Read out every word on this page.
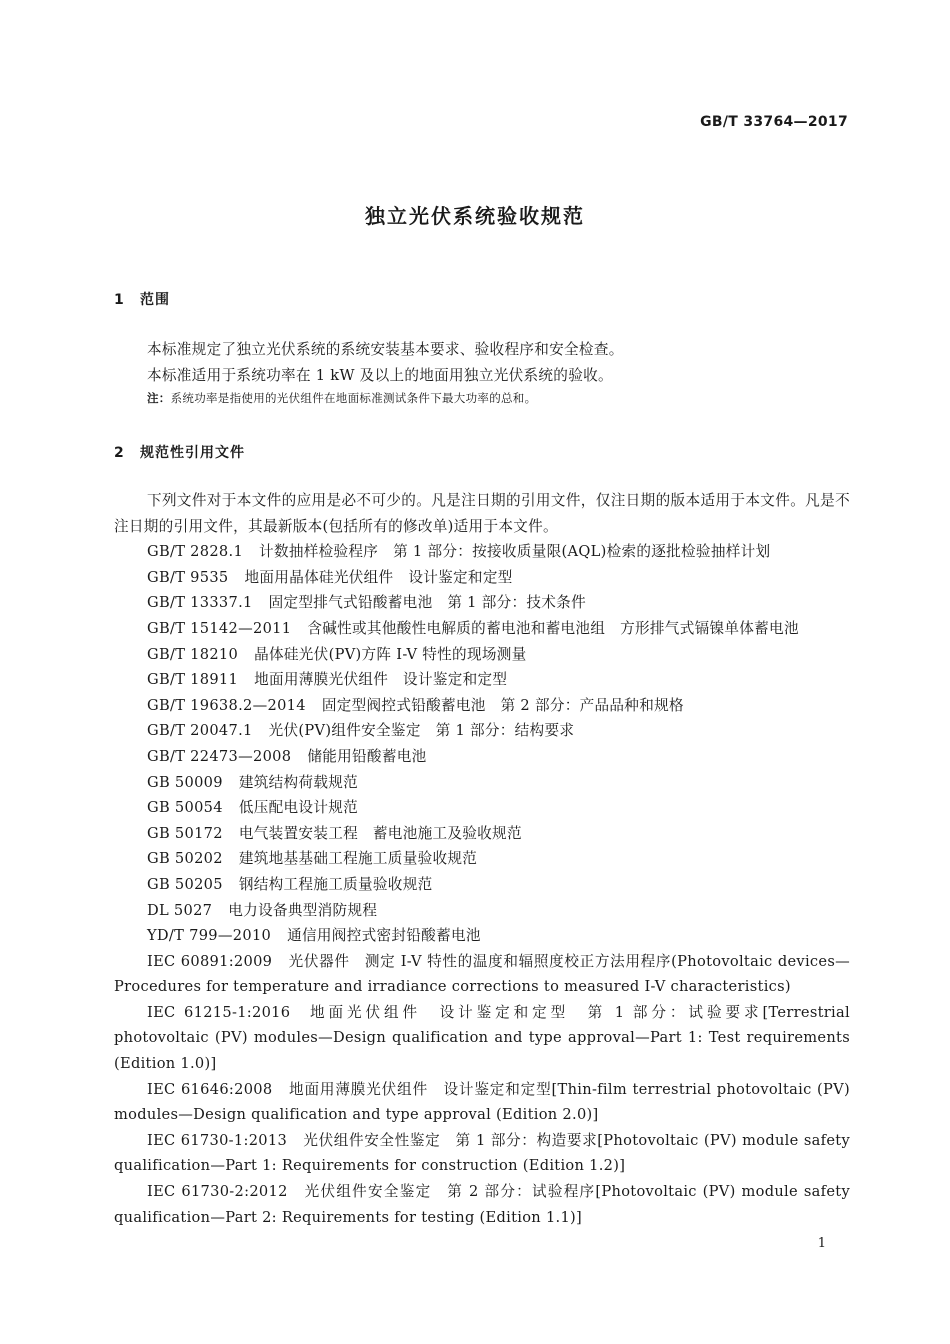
GB/T 33764—2017
独立光伏系统验收规范
1 范围

本标准规定了独立光伏系统的系统安装基本要求、验收程序和安全检查。

本标准适用于系统功率在 1 kW 及以上的地面用独立光伏系统的验收。

注：系统功率是指使用的光伏组件在地面标准测试条件下最大功率的总和。

2 规范性引用文件

下列文件对于本文件的应用是必不可少的。凡是注日期的引用文件，仅注日期的版本适用于本文件。凡是不注日期的引用文件，其最新版本(包括所有的修改单)适用于本文件。

GB/T 2828.1 计数抽样检验程序　第 1 部分：按接收质量限(AQL)检索的逐批检验抽样计划

GB/T 9535 地面用晶体硅光伏组件　设计鉴定和定型

GB/T 13337.1 固定型排气式铅酸蓄电池　第 1 部分：技术条件

GB/T 15142—2011 含碱性或其他酸性电解质的蓄电池和蓄电池组　方形排气式镉镍单体蓄电池

GB/T 18210 晶体硅光伏(PV)方阵 I-V 特性的现场测量

GB/T 18911 地面用薄膜光伏组件　设计鉴定和定型

GB/T 19638.2—2014 固定型阀控式铅酸蓄电池　第 2 部分：产品品种和规格

GB/T 20047.1 光伏(PV)组件安全鉴定　第 1 部分：结构要求

GB/T 22473—2008 储能用铅酸蓄电池

GB 50009 建筑结构荷载规范

GB 50054 低压配电设计规范

GB 50172 电气装置安装工程　蓄电池施工及验收规范

GB 50202 建筑地基基础工程施工质量验收规范

GB 50205 钢结构工程施工质量验收规范

DL 5027 电力设备典型消防规程

YD/T 799—2010 通信用阀控式密封铅酸蓄电池

IEC 60891:2009 光伏器件　测定 I-V 特性的温度和辐照度校正方法用程序(Photovoltaic devices—Procedures for temperature and irradiance corrections to measured I-V characteristics)

IEC 61215-1:2016 地面光伏组件　设计鉴定和定型　第 1 部分：试验要求[Terrestrial photovoltaic (PV) modules—Design qualification and type approval—Part 1: Test requirements (Edition 1.0)]

IEC 61646:2008 地面用薄膜光伏组件　设计鉴定和定型[Thin-film terrestrial photovoltaic (PV) modules—Design qualification and type approval (Edition 2.0)]

IEC 61730-1:2013 光伏组件安全性鉴定　第 1 部分：构造要求[Photovoltaic (PV) module safety qualification—Part 1: Requirements for construction (Edition 1.2)]

IEC 61730-2:2012 光伏组件安全鉴定　第 2 部分：试验程序[Photovoltaic (PV) module safety qualification—Part 2: Requirements for testing (Edition 1.1)]

1
